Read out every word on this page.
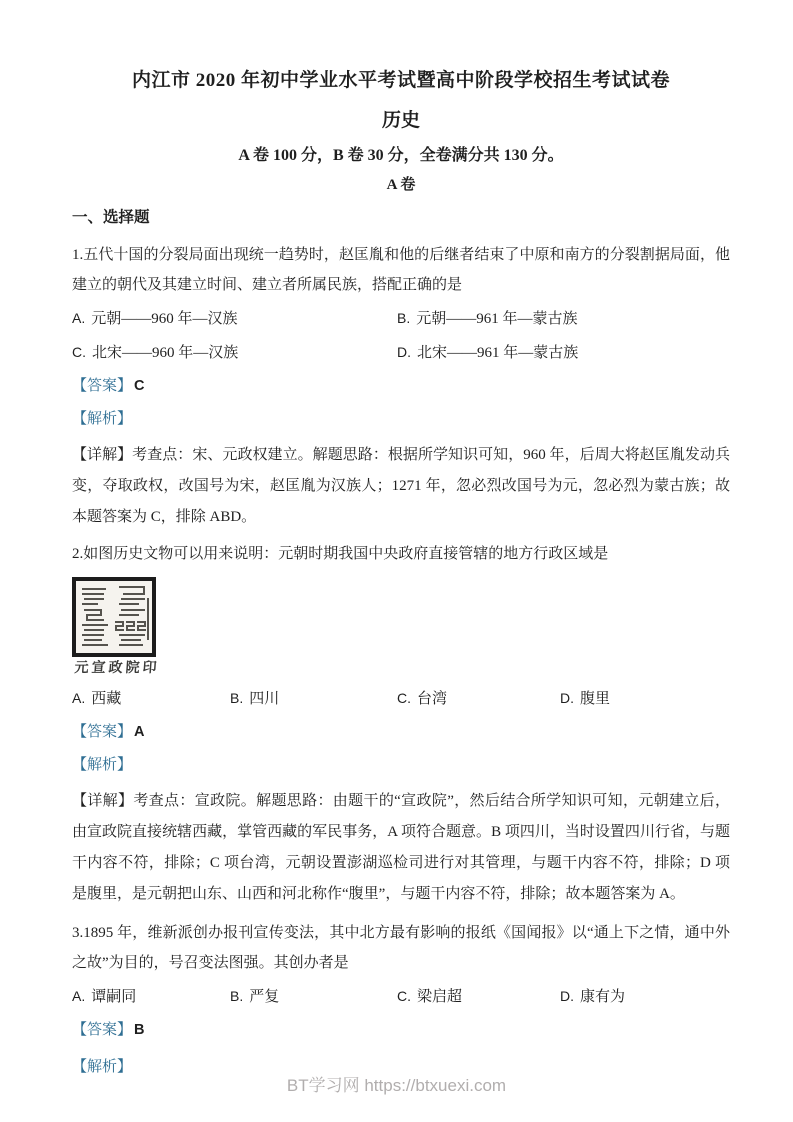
内江市 2020 年初中学业水平考试暨高中阶段学校招生考试试卷
历史
A 卷 100 分，B 卷 30 分，全卷满分共 130 分。
A 卷
一、选择题

1.五代十国的分裂局面出现统一趋势时，赵匡胤和他的后继者结束了中原和南方的分裂割据局面，他建立的朝代及其建立时间、建立者所属民族，搭配正确的是

A. 元朝——960 年—汉族	B. 元朝——961 年—蒙古族
C. 北宋——960 年—汉族	D. 北宋——961 年—蒙古族

【答案】 C

【解析】

【详解】考查点：宋、元政权建立。解题思路：根据所学知识可知，960 年，后周大将赵匡胤发动兵变，夺取政权，改国号为宋，赵匡胤为汉族人；1271 年，忽必烈改国号为元，忽必烈为蒙古族；故本题答案为 C，排除 ABD。

2.如图历史文物可以用来说明：元朝时期我国中央政府直接管辖的地方行政区域是

元宣政院印
A. 西藏	B. 四川	C. 台湾	D. 腹里

【答案】 A

【解析】

【详解】考查点：宣政院。解题思路：由题干的“宣政院”，然后结合所学知识可知，元朝建立后，由宣政院直接统辖西藏，掌管西藏的军民事务，A 项符合题意。B 项四川，当时设置四川行省，与题干内容不符，排除；C 项台湾，元朝设置澎湖巡检司进行对其管理，与题干内容不符，排除；D 项是腹里，是元朝把山东、山西和河北称作“腹里”，与题干内容不符，排除；故本题答案为 A。

3.1895 年，维新派创办报刊宣传变法，其中北方最有影响的报纸《国闻报》以“通上下之情，通中外之故”为目的，号召变法图强。其创办者是

A. 谭嗣同	B. 严复	C. 梁启超	D. 康有为

【答案】 B

【解析】

BT学习网 https://btxuexi.com
